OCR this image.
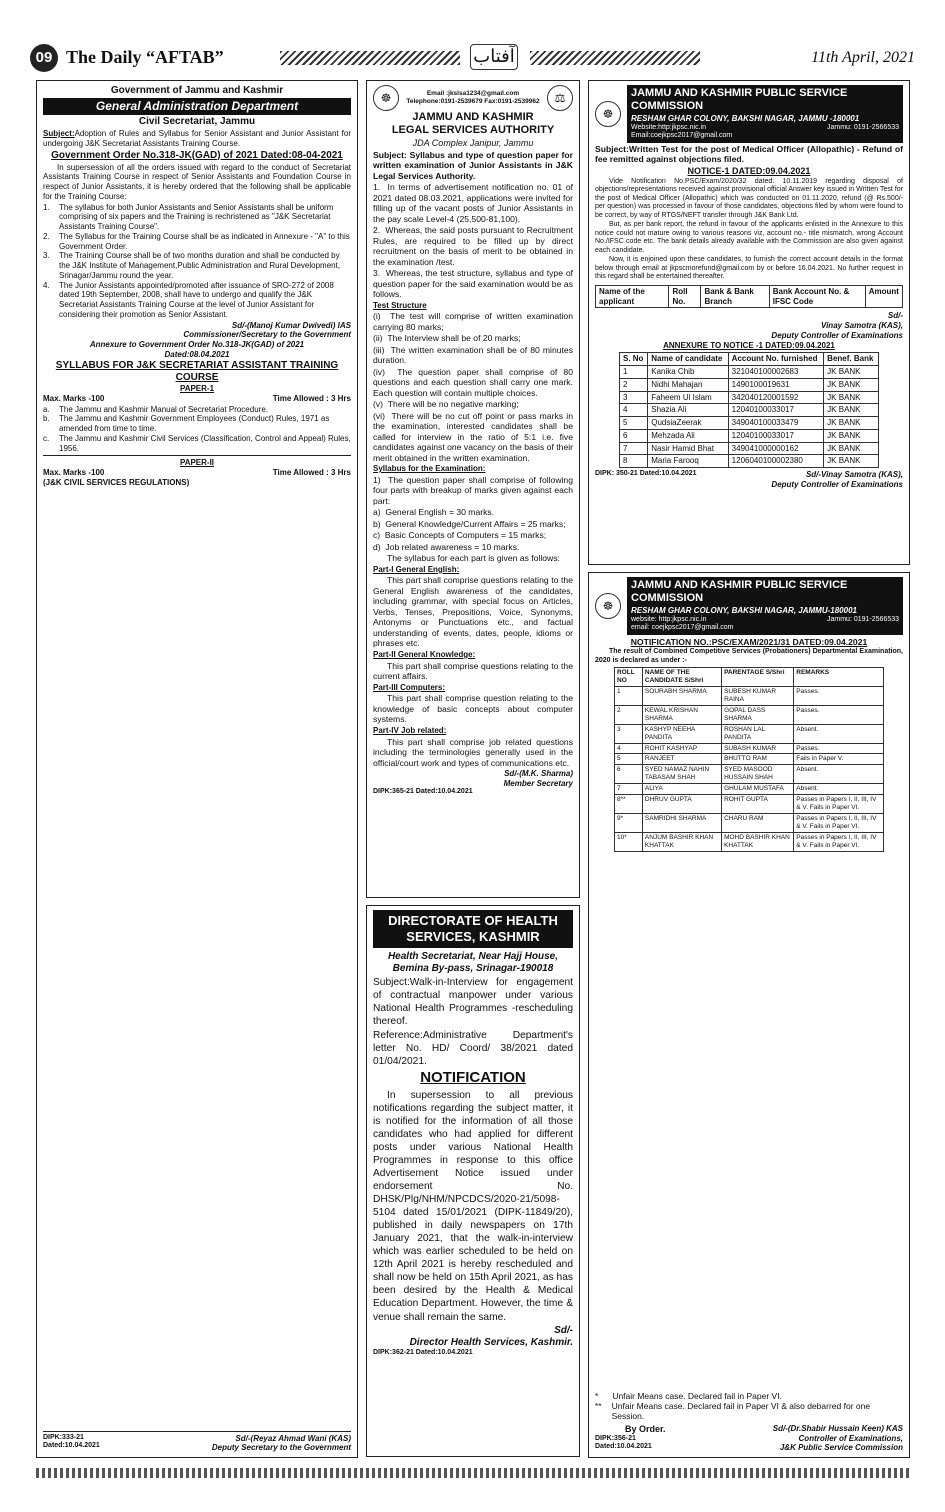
09 The Daily “AFTAB”	آفتاب	11th April, 2021
Government of Jammu and Kashmir
General Administration Department
Civil Secretariat, Jammu

Subject:Adoption of Rules and Syllabus for Senior Assistant and Junior Assistant for undergoing J&K Secretariat Assistants Training Course.

Government Order No.318-JK(GAD) of 2021 Dated:08-04-2021

In supersession of all the orders issued with regard to the conduct of Secretariat Assistants Training Course in respect of Senior Assistants and Foundation Course in respect of Junior Assistants, it is hereby ordered that the following shall be applicable for the Training Course:

1.	The syllabus for both Junior Assistants and Senior Assistants shall be uniform comprising of six papers and the Training is rechristened as "J&K Secretariat Assistants Training Course".
2.	The Syllabus for the Training Course shall be as indicated in Annexure - "A" to this Government Order.
3.	The Training Course shall be of two months duration and shall be conducted by the J&K Institute of Management,Public Administration and Rural Development, Srinagar/Jammu round the year.
4.	The Junior Assistants appointed/promoted after issuance of SRO-272 of 2008 dated 19th September, 2008, shall have to undergo and qualify the J&K Secretariat Assistants Training Course at the level of Junior Assistant for considering their promotion as Senior Assistant.
Sd/-(Manoj Kumar Dwivedi) IAS
Commissioner/Secretary to the Government
Annexure to Government Order No.318-JK(GAD) of 2021
Dated:08.04.2021
SYLLABUS FOR J&K SECRETARIAT ASSISTANT TRAINING COURSE
PAPER-1
Max. Marks -100	Time Allowed : 3 Hrs
a.	The Jammu and Kashmir Manual of Secretariat Procedure.
b.	The Jammu and Kashmir Government Employees (Conduct) Rules, 1971 as amended from time to time.
c.	The Jammu and Kashmir Civil Services (Classification, Control and Appeal) Rules, 1956.
PAPER-II
Max. Marks -100	Time Allowed : 3 Hrs
(J&K CIVIL SERVICES REGULATIONS)
DIPK:333-21
Dated:10.04.2021
Sd/-(Reyaz Ahmad Wani (KAS)
Deputy Secretary to the Government
☸	Email :jkslsa1234@gmail.com
Telephone:0191-2539679 Fax:0191-2539962	⚖
JAMMU AND KASHMIR
LEGAL SERVICES AUTHORITY
JDA Complex Janipur, Jammu

Subject: Syllabus and type of question paper for written examination of Junior Assistants in J&K Legal Services Authority.

1.  In terms of advertisement notification no. 01 of 2021 dated 08.03.2021, applications were invited for filling up of the vacant posts of Junior Assistants in the pay scale Level-4 (25,500-81,100).

2.  Whereas, the said posts pursuant to Recruitment Rules, are required to be filled up by direct recruitment on the basis of merit to be obtained in the examination /test.

3.  Whereas, the test structure, syllabus and type of question paper for the said examination would be as follows.

Test Structure

(i)  The test will comprise of written examination carrying 80 marks;

(ii)  The Interview shall be of 20 marks;

(iii)  The written examination shall be of 80 minutes duration.

(iv)  The question paper shall comprise of 80 questions and each question shall carry one mark. Each question will contain multiple choices.

(v)  There will be no negative marking;

(vi)  There will be no cut off point or pass marks in the examination, interested candidates shall be called for interview in the ratio of 5:1 i.e. five candidates against one vacancy on the basis of their merit obtained in the written examination.

Syllabus for the Examination:

1)  The question paper shall comprise of following four parts with breakup of marks given against each part:

a)  General English = 30 marks.

b)  General Knowledge/Current Affairs = 25 marks;

c)  Basic Concepts of Computers = 15 marks;

d)  Job related awareness = 10 marks.

The syllabus for each part is given as follows:

Part-I General English:

This part shall comprise questions relating to the General English awareness of the candidates, including grammar, with special focus on Articles, Verbs, Tenses, Prepositions, Voice, Synonyms, Antonyms or Punctuations etc., and factual understanding of events, dates, people, idioms or phrases etc.

Part-II General Knowledge:

This part shall comprise questions relating to the current affairs.

Part-III Computers:

This part shall comprise question relating to the knowledge of basic concepts about computer systems.

Part-IV Job related:

This part shall comprise job related questions including the terminologies generally used in the official/court work and types of communications etc.

Sd/-(M.K. Sharma)
Member Secretary
DIPK:365-21 Dated:10.04.2021
DIRECTORATE OF HEALTH SERVICES, KASHMIR
Health Secretariat, Near Hajj House,
Bemina By-pass, Srinagar-190018

Subject:Walk-in-Interview for engagement of contractual manpower under various National Health Programmes -rescheduling thereof.

Reference:Administrative Department's letter No. HD/ Coord/ 38/2021 dated 01/04/2021.

NOTIFICATION

In supersession to all previous notifications regarding the subject matter, it is notified for the information of all those candidates who had applied for different posts under various National Health Programmes in response to this office Advertisement Notice issued under endorsement No. DHSK/Plg/NHM/NPCDCS/2020-21/5098-5104 dated 15/01/2021 (DIPK-11849/20), published in daily newspapers on 17th January 2021, that the walk-in-interview which was earlier scheduled to be held on 12th April 2021 is hereby rescheduled and shall now be held on 15th April 2021, as has been desired by the Health & Medical Education Department. However, the time & venue shall remain the same.

Sd/-
Director Health Services, Kashmir.
DIPK:362-21 Dated:10.04.2021
☸
JAMMU AND KASHMIR PUBLIC SERVICE COMMISSION
RESHAM GHAR COLONY, BAKSHI NAGAR, JAMMU -180001
Website:http:jkpsc.nic.in	Jammu: 0191-2566533
Email:coejkpsc2017@gmail.com

Subject:Written Test for the post of Medical Officer (Allopathic) - Refund of fee remitted against objections filed.

NOTICE-1 DATED:09.04.2021

Vide Notification No.PSC/Exam/2020/32 dated: 10.11.2019 regarding disposal of objections/representations received against provisional official Answer key issued in Written Test for the post of Medical Officer (Allopathic) which was conducted on 01.11.2020, refund (@ Rs.500/- per question) was processed in favour of those candidates, objections filed by whom were found to be correct, by way of RTGS/NEFT transfer through J&K Bank Ltd.

But, as per bank report, the refund in favour of the applicants enlisted in the Annexure to this notice could not mature owing to various reasons viz, account no.- title mismatch, wrong Account No./IFSC code etc. The bank details already available with the Commission are also given against each candidate.

Now, it is enjoined upon these candidates, to furnish the correct account details in the format below through email at jkpscmorefund@gmail.com by or before 16.04.2021. No further request in this regard shall be entertained thereafter.

Name of the applicant	Roll No.	Bank & Bank Branch	Bank Account No. & IFSC Code	Amount
Sd/-
Vinay Samotra (KAS),
Deputy Controller of Examinations
ANNEXURE TO NOTICE -1 DATED:09.04.2021
S. No	Name of candidate	Account No. furnished	Benef. Bank
1	Kanika Chib	321040100002683	JK BANK
2	Nidhi Mahajan	1490100019631	JK BANK
3	Faheem Ul Islam	342040120001592	JK BANK
4	Shazia Ali	12040100033017	JK BANK
5	QudsiaZeerak	349040100033479	JK BANK
6	Mehzada Ali	12040100033017	JK BANK
7	Nasir Hamid Bhat	349041000000162	JK BANK
8	Maria Farooq	1206040100002380	JK BANK
DIPK: 350-21 Dated:10.04.2021	Sd/-Vinay Samotra (KAS),
Deputy Controller of Examinations
☸
JAMMU AND KASHMIR PUBLIC SERVICE COMMISSION
RESHAM GHAR COLONY, BAKSHI NAGAR, JAMMU-180001
website: http:jkpsc.nic.in	Jammu: 0191-2566533
email: coejkpsc2017@gmail.com
NOTIFICATION NO.:PSC/EXAM/2021/31 DATED:09.04.2021

The result of Combined Competitive Services (Probationers) Departmental Examination, 2020 is declared as under :-

ROLL NO	NAME OF THE CANDIDATE S/Shri	PARENTAGE S/Shri	REMARKS
1	SOURABH SHARMA	SUBESH KUMAR RAINA	Passes.
2	KEWAL KRISHAN SHARMA	GOPAL DASS SHARMA	Passes.
3	KASHYP NEEHA PANDITA	ROSHAN LAL PANDITA	Absent.
4	ROHIT KASHYAP	SUBASH KUMAR	Passes.
5	RANJEET	BHUTTO RAM	Fails in Paper V.
6	SYED NAMAZ NAHIN TABASAM SHAH	SYED MASOOD HUSSAIN SHAH	Absent.
7	ALIYA	GHULAM MUSTAFA	Absent.
8**	DHRUV GUPTA	ROHIT GUPTA	Passes in Papers I, II, III, IV & V. Fails in Paper VI.
9*	SAMRIDHI SHARMA	CHARU RAM	Passes in Papers I, II, III, IV & V. Fails in Paper VI.
10*	ANJUM BASHIR KHAN KHATTAK	MOHD BASHIR KHAN KHATTAK	Passes in Papers I, II, III, IV & V. Fails in Paper VI.
* Unfair Means case. Declared fail in Paper VI.
** Unfair Means case. Declared fail in Paper VI & also debarred for one Session.
By Order.
DIPK:356-21
Dated:10.04.2021
Sd/-(Dr.Shabir Hussain Keen) KAS
Controller of Examinations,
J&K Public Service Commission
